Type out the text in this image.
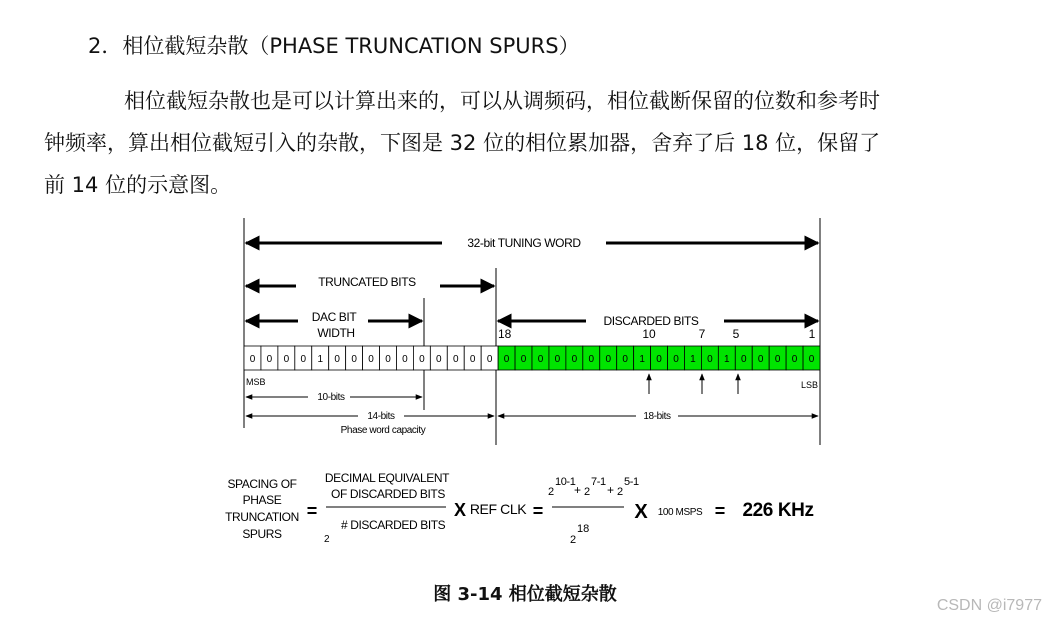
2．相位截短杂散（PHASE TRUNCATION SPURS）
相位截短杂散也是可以计算出来的，可以从调频码，相位截断保留的位数和参考时
钟频率，算出相位截短引入的杂散，下图是 32 位的相位累加器，舍弃了后 18 位，保留了
前 14 位的示意图。
32-bit TUNING WORD
TRUNCATED BITS
DAC BIT
WIDTH
DISCARDED BITS
18	10	7 5	1
0 0 0 0 1 0 0 0 0 0 0 0 0 0 0 0 0 0 0 0 0 0 0 1 0 0 1 0 1 0 0 0 0 0
MSB	LSB
10-bits
14-bits
Phase word capacity
18-bits
SPACING OF
PHASE
TRUNCATION
SPURS
=
DECIMAL EQUIVALENT
OF DISCARDED BITS
2
# DISCARDED BITS
X REF CLK =
2
10-1
+ 2
7-1
+ 2
5-1
2
18
X 100 MSPS = 226 KHz
图 3-14 相位截短杂散
CSDN @i7977
